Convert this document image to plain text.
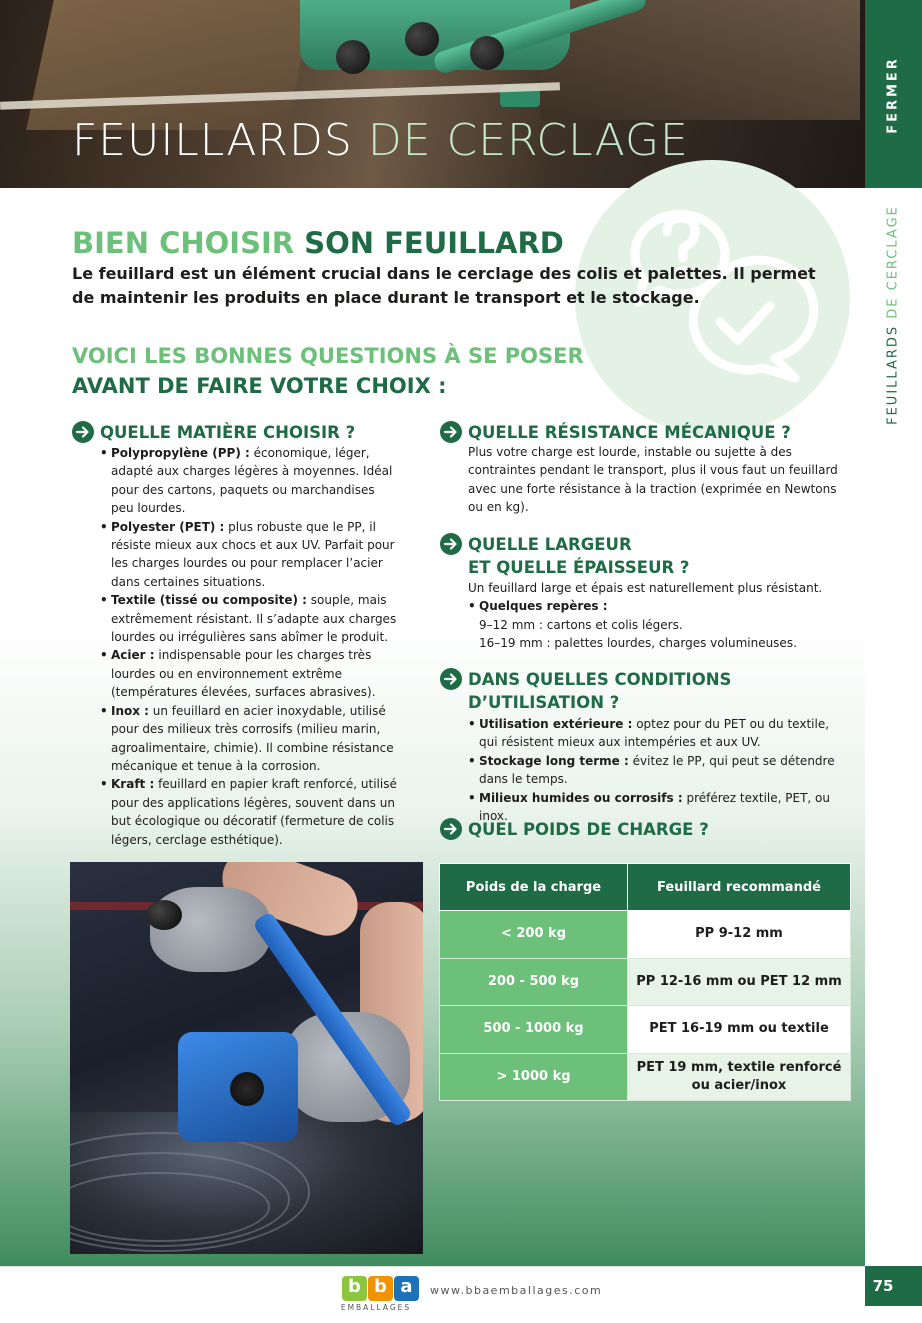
FEUILLARDS DE CERCLAGE
FERMER
FEUILLARDS DE CERCLAGE
BIEN CHOISIR SON FEUILLARD

Le feuillard est un élément crucial dans le cerclage des colis et palettes. Il permet de maintenir les produits en place durant le transport et le stockage.

VOICI LES BONNES QUESTIONS À SE POSER
AVANT DE FAIRE VOTRE CHOIX :
QUELLE MATIÈRE CHOISIR ?
• Polypropylène (PP) : économique, léger, adapté aux charges légères à moyennes. Idéal pour des cartons, paquets ou marchandises peu lourdes.
• Polyester (PET) : plus robuste que le PP, il résiste mieux aux chocs et aux UV. Parfait pour les charges lourdes ou pour remplacer l’acier dans certaines situations.
• Textile (tissé ou composite) : souple, mais extrêmement résistant. Il s’adapte aux charges lourdes ou irrégulières sans abîmer le produit.
• Acier : indispensable pour les charges très lourdes ou en environnement extrême (températures élevées, surfaces abrasives).
• Inox : un feuillard en acier inoxydable, utilisé pour des milieux très corrosifs (milieu marin, agroalimentaire, chimie). Il combine résistance mécanique et tenue à la corrosion.
• Kraft : feuillard en papier kraft renforcé, utilisé pour des applications légères, souvent dans un but écologique ou décoratif (fermeture de colis légers, cerclage esthétique).
QUELLE RÉSISTANCE MÉCANIQUE ?

Plus votre charge est lourde, instable ou sujette à des contraintes pendant le transport, plus il vous faut un feuillard avec une forte résistance à la traction (exprimée en Newtons ou en kg).

QUELLE LARGEUR
ET QUELLE ÉPAISSEUR ?
Un feuillard large et épais est naturellement plus résistant.
• Quelques repères :
9–12 mm : cartons et colis légers.
16–19 mm : palettes lourdes, charges volumineuses.
DANS QUELLES CONDITIONS
D’UTILISATION ?
• Utilisation extérieure : optez pour du PET ou du textile, qui résistent mieux aux intempéries et aux UV.
• Stockage long terme : évitez le PP, qui peut se détendre dans le temps.
• Milieux humides ou corrosifs : préférez textile, PET, ou inox.
QUEL POIDS DE CHARGE ?
Poids de la charge	Feuillard recommandé
< 200 kg	PP 9-12 mm
200 - 500 kg	PP 12-16 mm ou PET 12 mm
500 - 1000 kg	PET 16-19 mm ou textile
> 1000 kg	PET 19 mm, textile renforcé ou acier/inox
b b a
EMBALLAGES
www.bbaemballages.com	75
